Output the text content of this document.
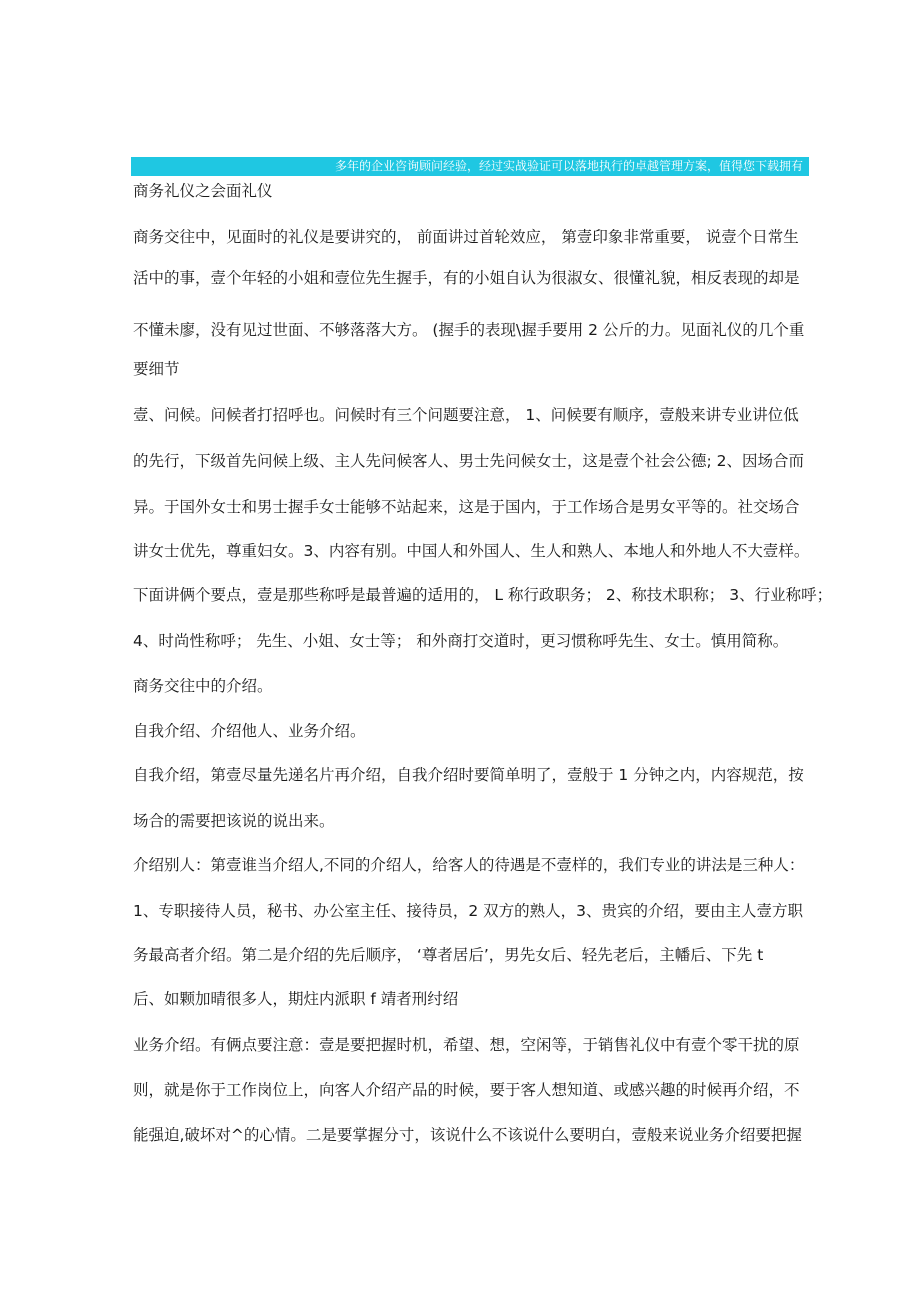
多年的企业咨询顾问经验，经过实战验证可以落地执行的卓越管理方案，值得您下载拥有
商务礼仪之会面礼仪
商务交往中，见面时的礼仪是要讲究的， 前面讲过首轮效应， 第壹印象非常重要， 说壹个日常生
活中的事，壹个年轻的小姐和壹位先生握手，有的小姐自认为很淑女、很懂礼貌，相反表现的却是
不懂未廖，没有见过世面、不够落落大方。 (握手的表现\握手要用 2 公斤的力。见面礼仪的几个重
要细节
壹、问候。问候者打招呼也。问候时有三个问题要注意， 1、问候要有顺序，壹般来讲专业讲位低
的先行，下级首先问候上级、主人先问候客人、男士先问候女士，这是壹个社会公德; 2、因场合而
异。于国外女士和男士握手女士能够不站起来，这是于国内，于工作场合是男女平等的。社交场合
讲女士优先，尊重妇女。3、内容有别。中国人和外国人、生人和熟人、本地人和外地人不大壹样。
下面讲俩个要点，壹是那些称呼是最普遍的适用的， L 称行政职务； 2、称技术职称； 3、行业称呼；
4、时尚性称呼； 先生、小姐、女士等； 和外商打交道时，更习惯称呼先生、女士。慎用简称。
商务交往中的介绍。
自我介绍、介绍他人、业务介绍。
自我介绍，第壹尽量先递名片再介绍，自我介绍时要简单明了，壹般于 1 分钟之内，内容规范，按
场合的需要把该说的说出来。
介绍别人：第壹谁当介绍人,不同的介绍人，给客人的待遇是不壹样的，我们专业的讲法是三种人：
1、专职接待人员，秘书、办公室主任、接待员，2 双方的熟人，3、贵宾的介绍，要由主人壹方职
务最高者介绍。第二是介绍的先后顺序， ‘尊者居后’，男先女后、轻先老后，主幡后、下先 t
后、如颗加晴很多人，期炷内派职 f 靖者刑纣绍
业务介绍。有俩点要注意：壹是要把握时机，希望、想，空闲等，于销售礼仪中有壹个零干扰的原
则，就是你于工作岗位上，向客人介绍产品的时候，要于客人想知道、或感兴趣的时候再介绍，不
能强迫,破坏对^的心情。二是要掌握分寸，该说什么不该说什么要明白，壹般来说业务介绍要把握
